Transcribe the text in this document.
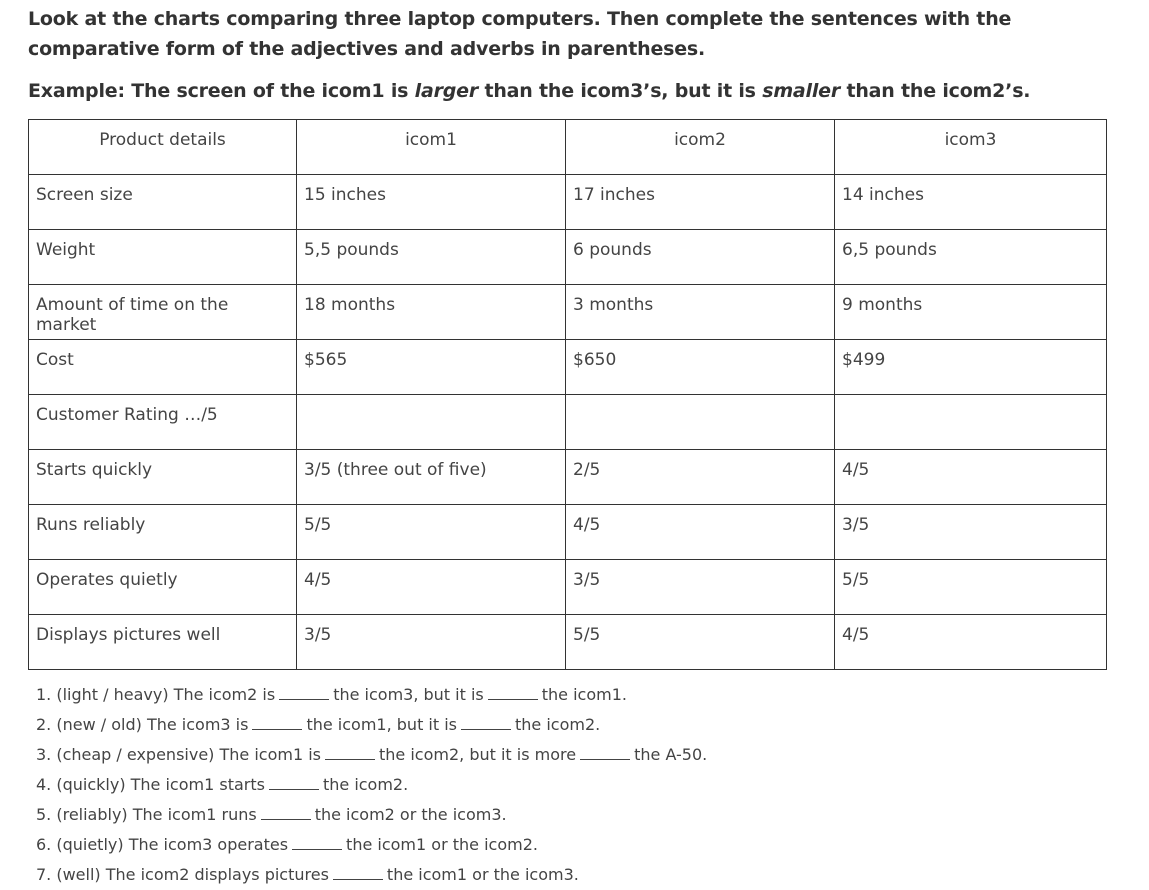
Look at the charts comparing three laptop computers. Then complete the sentences with the comparative form of the adjectives and adverbs in parentheses.
Example: The screen of the icom1 is larger than the icom3’s, but it is smaller than the icom2’s.
Product details	icom1	icom2	icom3
Screen size	15 inches	17 inches	14 inches
Weight	5,5 pounds	6 pounds	6,5 pounds
Amount of time on the market	18 months	3 months	9 months
Cost	$565	$650	$499
Customer Rating …/5			
Starts quickly	3/5 (three out of five)	2/5	4/5
Runs reliably	5/5	4/5	3/5
Operates quietly	4/5	3/5	5/5
Displays pictures well	3/5	5/5	4/5
1. (light / heavy) The icom2 is	the icom3, but it is	the icom1.
2. (new / old) The icom3 is	the icom1, but it is	the icom2.
3. (cheap / expensive) The icom1 is	the icom2, but it is more	the A-50.
4. (quickly) The icom1 starts	the icom2.
5. (reliably) The icom1 runs	the icom2 or the icom3.
6. (quietly) The icom3 operates	the icom1 or the icom2.
7. (well) The icom2 displays pictures	the icom1 or the icom3.
